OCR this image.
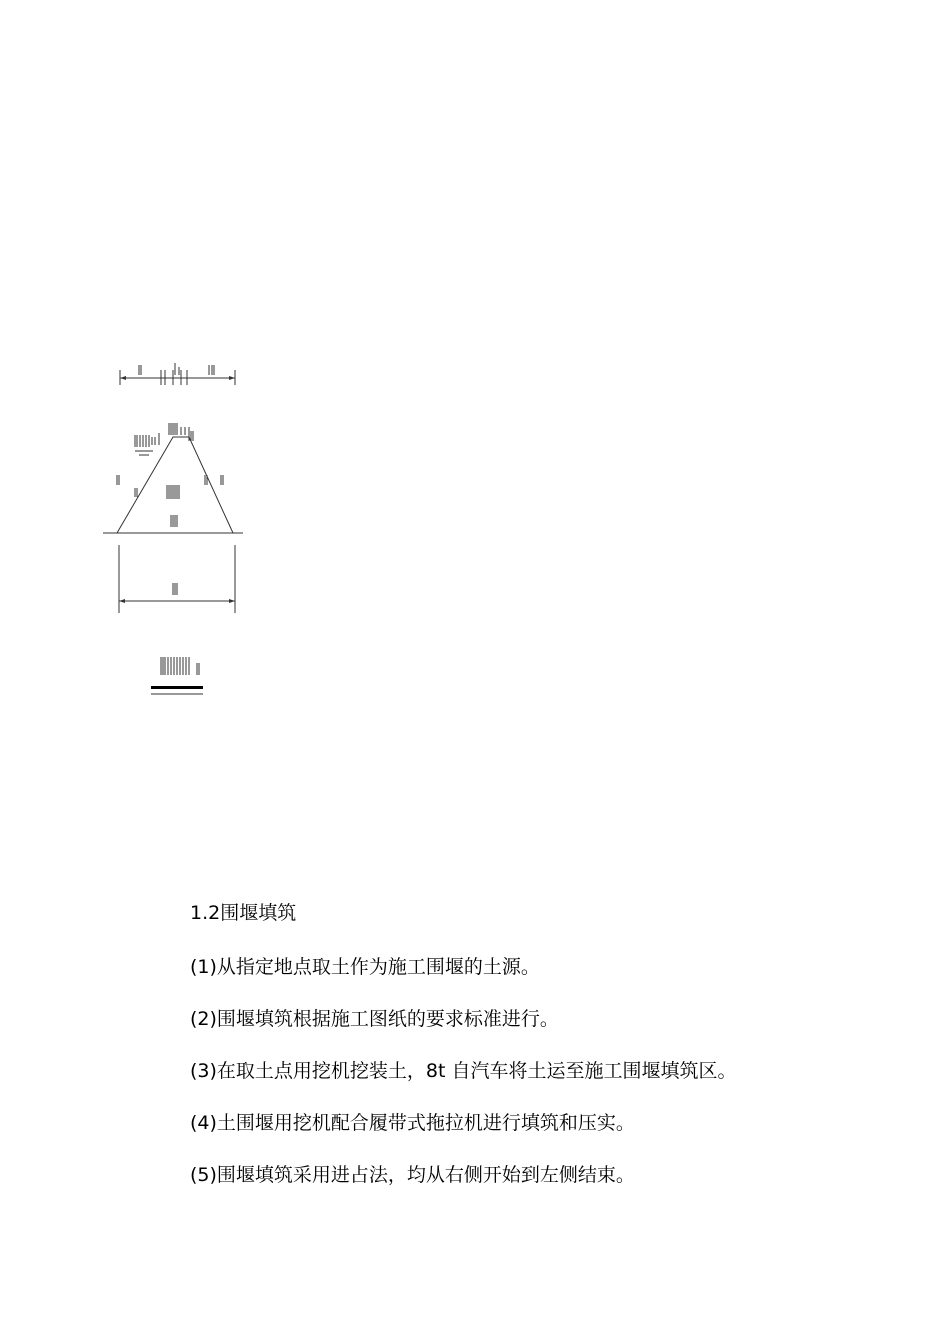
1.2围堰填筑

(1)从指定地点取土作为施工围堰的土源。

(2)围堰填筑根据施工图纸的要求标准进行。

(3)在取土点用挖机挖装土，8t 自汽车将土运至施工围堰填筑区。

(4)土围堰用挖机配合履带式拖拉机进行填筑和压实。

(5)围堰填筑采用进占法，均从右侧开始到左侧结束。
